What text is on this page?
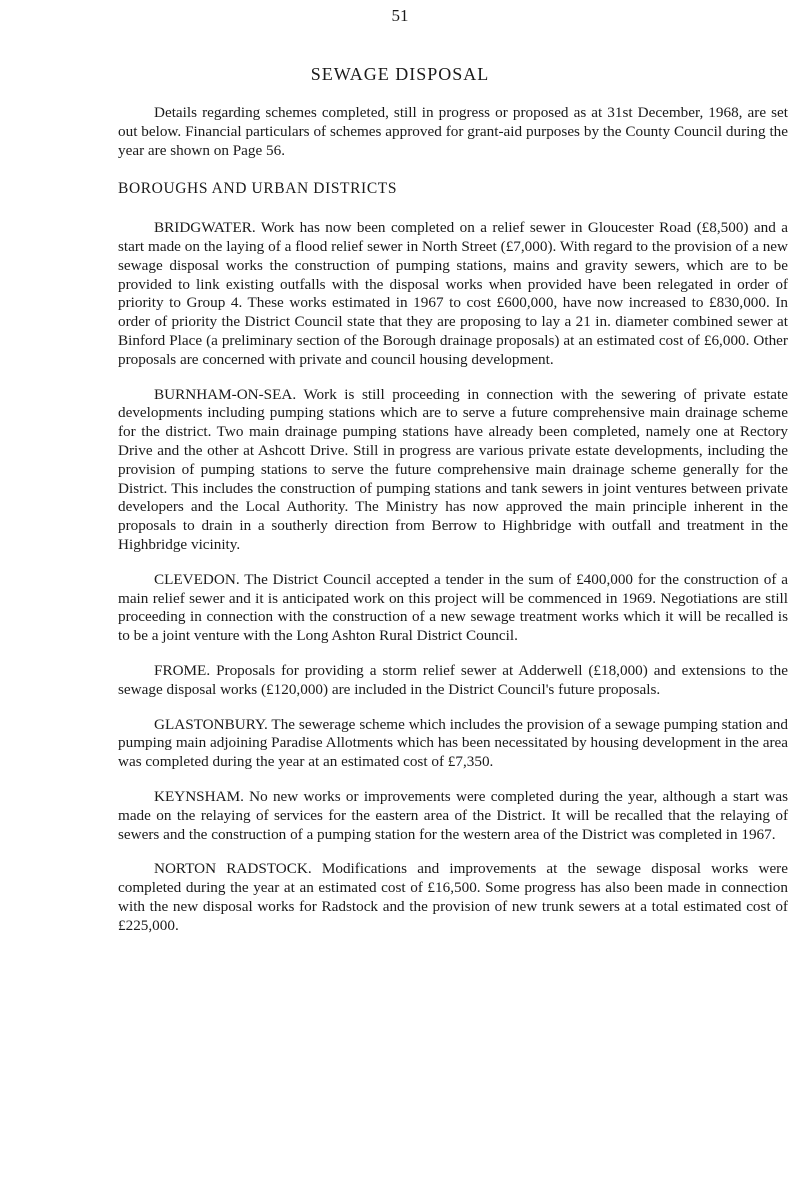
51
SEWAGE DISPOSAL

Details regarding schemes completed, still in progress or proposed as at 31st December, 1968, are set out below. Financial particulars of schemes approved for grant-aid purposes by the County Council during the year are shown on Page 56.

BOROUGHS AND URBAN DISTRICTS

BRIDGWATER. Work has now been completed on a relief sewer in Gloucester Road (£8,500) and a start made on the laying of a flood relief sewer in North Street (£7,000). With regard to the provision of a new sewage disposal works the construction of pumping stations, mains and gravity sewers, which are to be provided to link existing outfalls with the disposal works when provided have been relegated in order of priority to Group 4. These works estimated in 1967 to cost £600,000, have now increased to £830,000. In order of priority the District Council state that they are proposing to lay a 21 in. diameter combined sewer at Binford Place (a preliminary section of the Borough drainage proposals) at an estimated cost of £6,000. Other proposals are concerned with private and council housing development.

BURNHAM-ON-SEA. Work is still proceeding in connection with the sewering of private estate developments including pumping stations which are to serve a future comprehensive main drainage scheme for the district. Two main drainage pumping stations have already been completed, namely one at Rectory Drive and the other at Ashcott Drive. Still in progress are various private estate developments, including the provision of pumping stations to serve the future comprehensive main drainage scheme generally for the District. This includes the construction of pumping stations and tank sewers in joint ventures between private developers and the Local Authority. The Ministry has now approved the main principle inherent in the proposals to drain in a southerly direction from Berrow to Highbridge with outfall and treatment in the Highbridge vicinity.

CLEVEDON. The District Council accepted a tender in the sum of £400,000 for the construction of a main relief sewer and it is anticipated work on this project will be commenced in 1969. Negotiations are still proceeding in connection with the construction of a new sewage treatment works which it will be recalled is to be a joint venture with the Long Ashton Rural District Council.

FROME. Proposals for providing a storm relief sewer at Adderwell (£18,000) and extensions to the sewage disposal works (£120,000) are included in the District Council's future proposals.

GLASTONBURY. The sewerage scheme which includes the provision of a sewage pumping station and pumping main adjoining Paradise Allotments which has been necessitated by housing development in the area was completed during the year at an estimated cost of £7,350.

KEYNSHAM. No new works or improvements were completed during the year, although a start was made on the relaying of services for the eastern area of the District. It will be recalled that the relaying of sewers and the construction of a pumping station for the western area of the District was completed in 1967.

NORTON RADSTOCK. Modifications and improvements at the sewage disposal works were completed during the year at an estimated cost of £16,500. Some progress has also been made in connection with the new disposal works for Radstock and the provision of new trunk sewers at a total estimated cost of £225,000.
